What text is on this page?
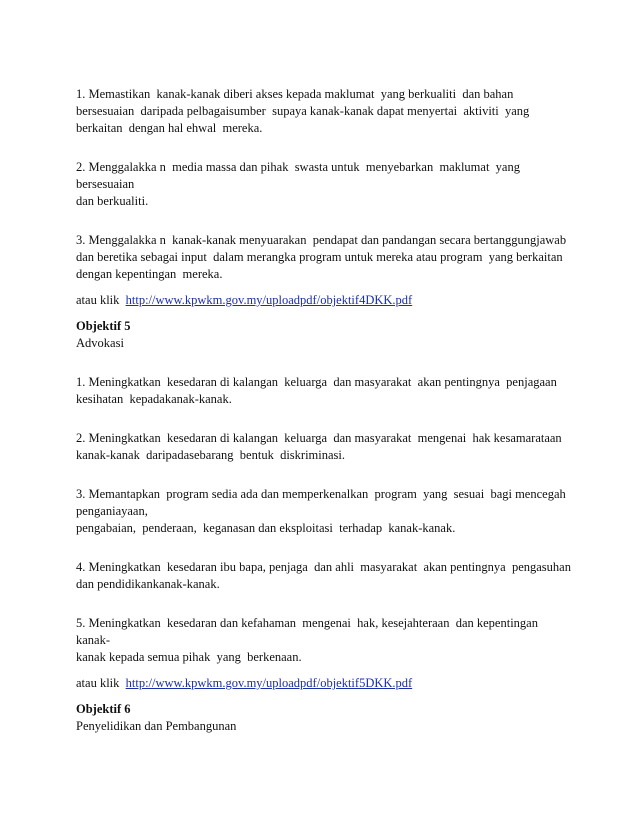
1. Memastikan  kanak-kanak diberi akses kepada maklumat  yang berkualiti  dan bahan
bersesuaian  daripada pelbagaisumber  supaya kanak-kanak dapat menyertai  aktiviti  yang
berkaitan  dengan hal ehwal  mereka.

2. Menggalakka n  media massa dan pihak  swasta untuk  menyebarkan  maklumat  yang bersesuaian
dan berkualiti.

3. Menggalakka n  kanak-kanak menyuarakan  pendapat dan pandangan secara bertanggungjawab
dan beretika sebagai input  dalam merangka program untuk mereka atau program  yang berkaitan
dengan kepentingan  mereka.

atau klik  http://www.kpwkm.gov.my/uploadpdf/objektif4DKK.pdf

Objektif 5

Advokasi

1. Meningkatkan  kesedaran di kalangan  keluarga  dan masyarakat  akan pentingnya  penjagaan
kesihatan  kepadakanak-kanak.

2. Meningkatkan  kesedaran di kalangan  keluarga  dan masyarakat  mengenai  hak kesamarataan
kanak-kanak  daripadasebarang  bentuk  diskriminasi.

3. Memantapkan  program sedia ada dan memperkenalkan  program  yang  sesuai  bagi mencegah
penganiayaan,
pengabaian,  penderaan,  keganasan dan eksploitasi  terhadap  kanak-kanak.

4. Meningkatkan  kesedaran ibu bapa, penjaga  dan ahli  masyarakat  akan pentingnya  pengasuhan
dan pendidikankanak-kanak.

5. Meningkatkan  kesedaran dan kefahaman  mengenai  hak, kesejahteraan  dan kepentingan  kanak-
kanak kepada semua pihak  yang  berkenaan.

atau klik  http://www.kpwkm.gov.my/uploadpdf/objektif5DKK.pdf

Objektif 6

Penyelidikan dan Pembangunan
